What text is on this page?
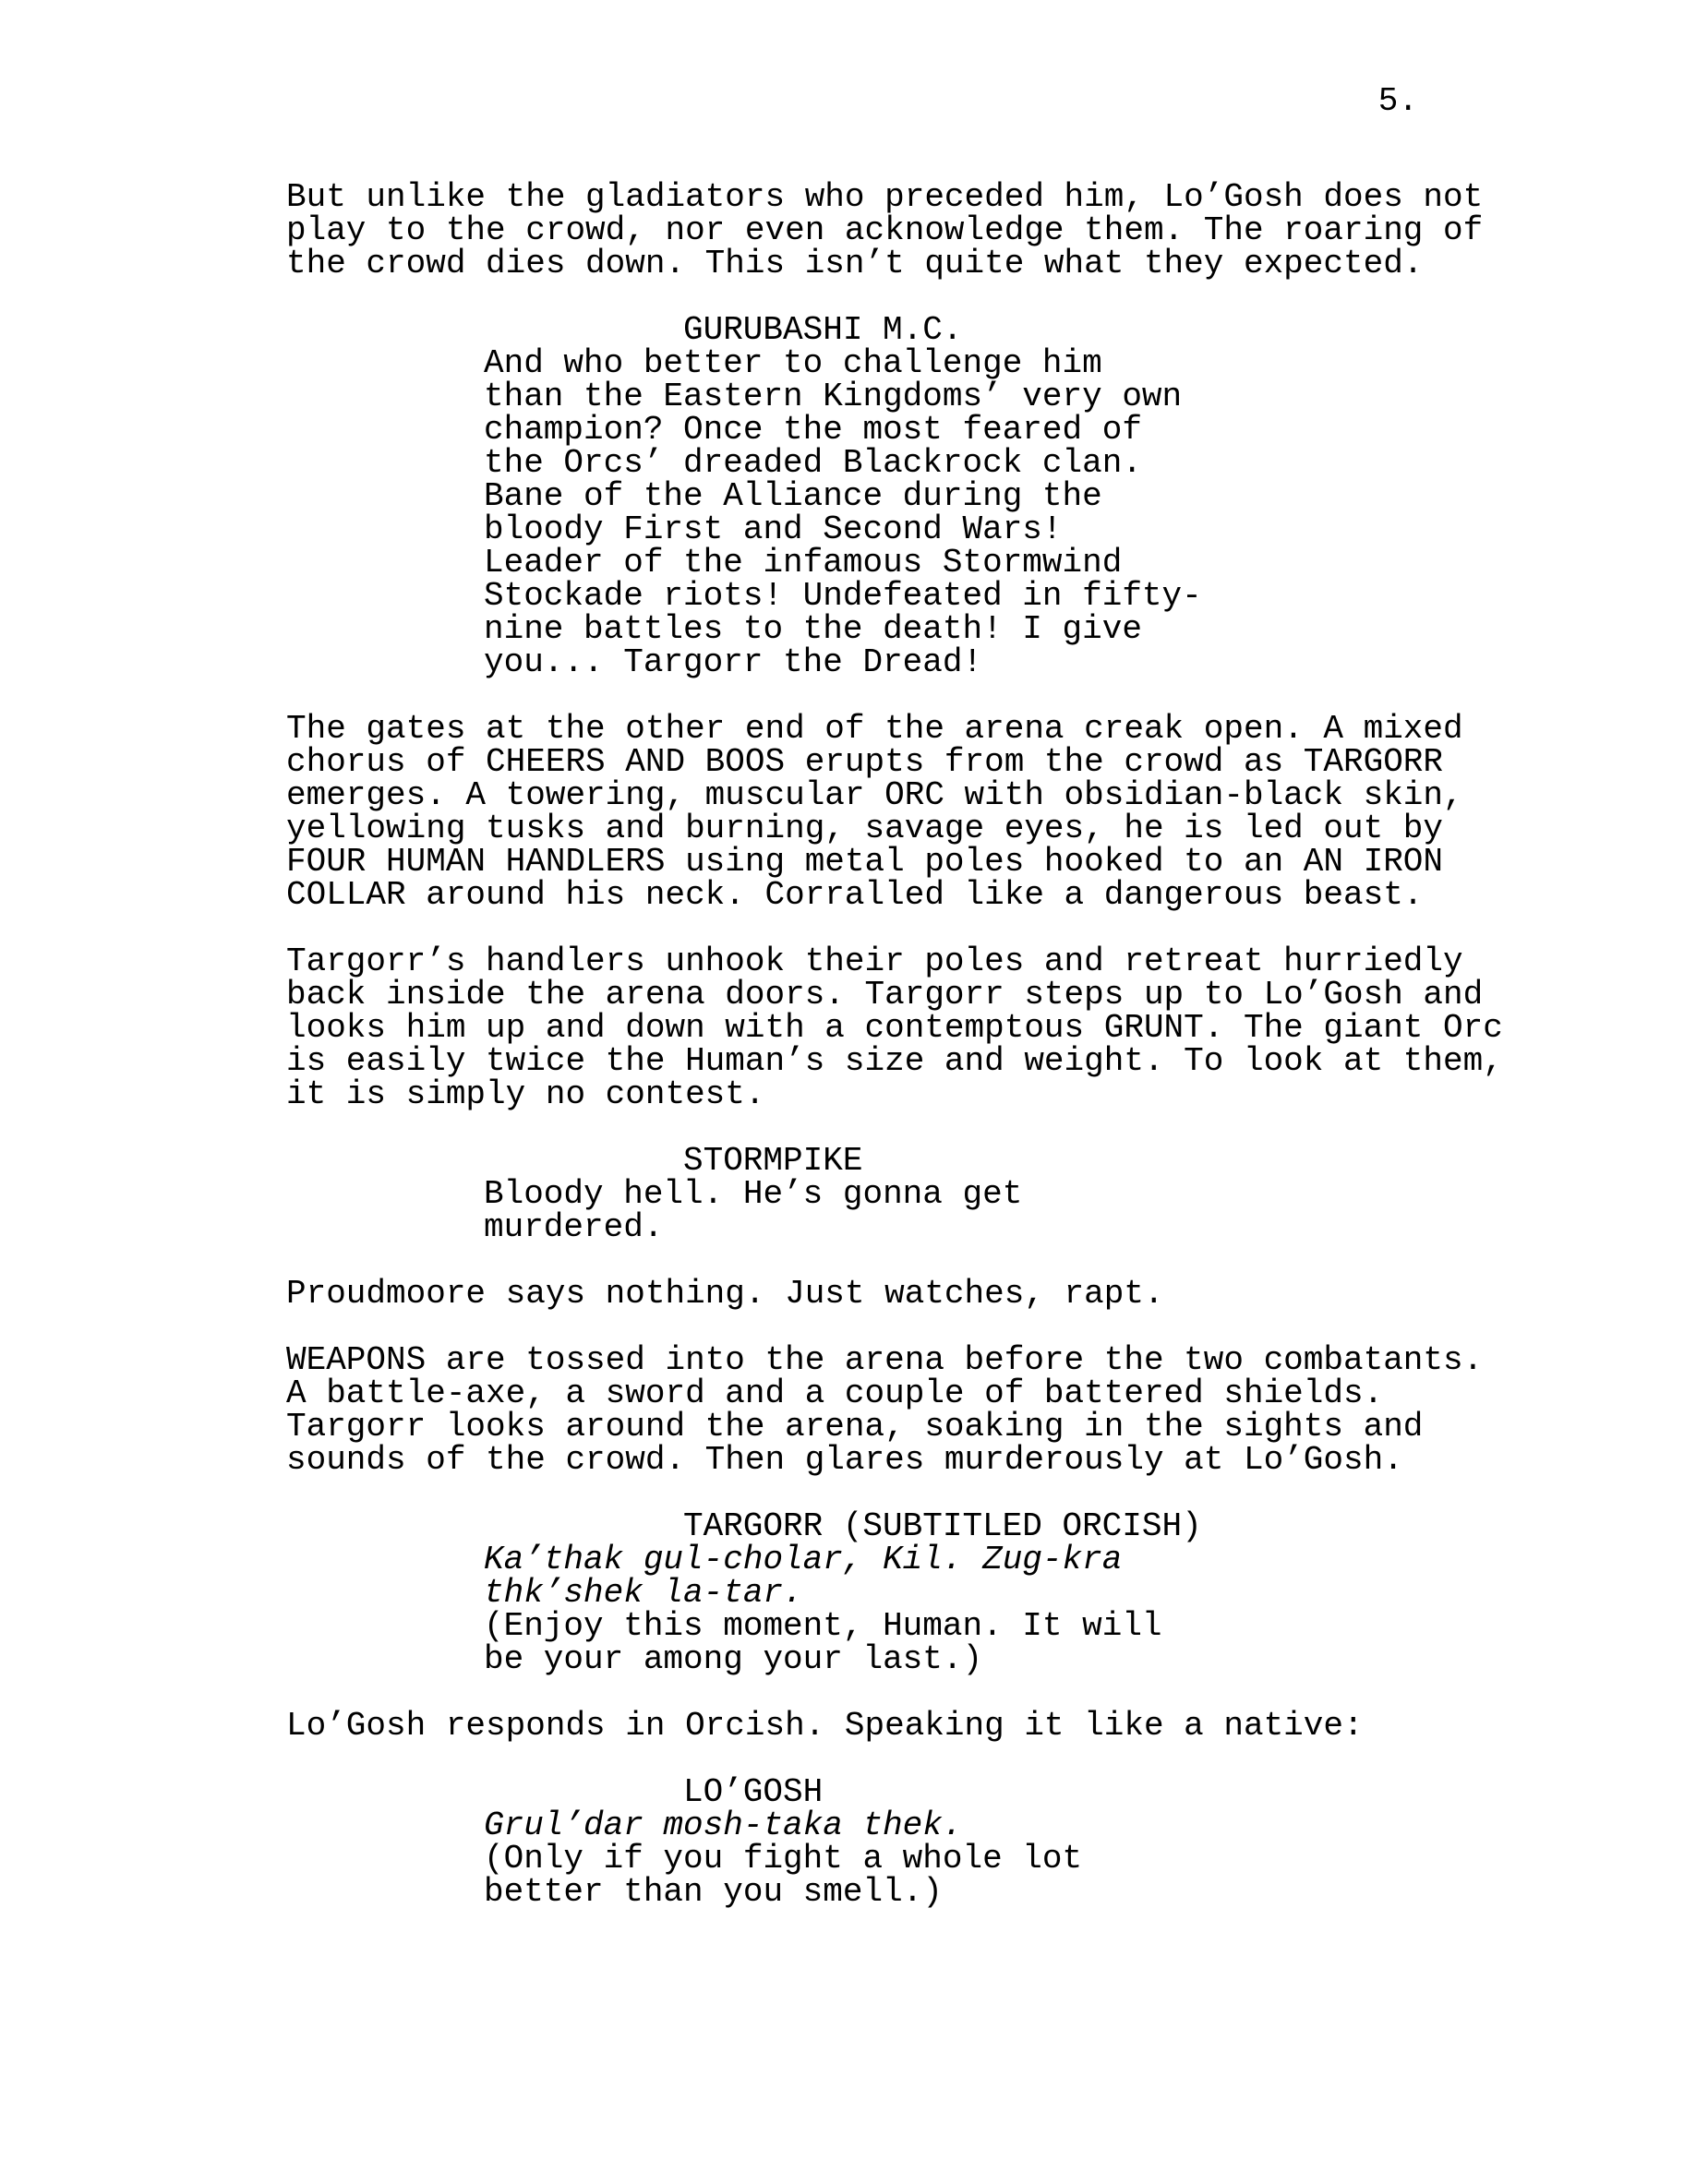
5.
But unlike the gladiators who preceded him, Lo’Gosh does not
play to the crowd, nor even acknowledge them. The roaring of
the crowd dies down. This isn’t quite what they expected.
GURUBASHI M.C.
And who better to challenge him
than the Eastern Kingdoms’ very own
champion? Once the most feared of
the Orcs’ dreaded Blackrock clan.
Bane of the Alliance during the
bloody First and Second Wars!
Leader of the infamous Stormwind
Stockade riots! Undefeated in fifty-
nine battles to the death! I give
you... Targorr the Dread!
The gates at the other end of the arena creak open. A mixed
chorus of CHEERS AND BOOS erupts from the crowd as TARGORR
emerges. A towering, muscular ORC with obsidian-black skin,
yellowing tusks and burning, savage eyes, he is led out by
FOUR HUMAN HANDLERS using metal poles hooked to an AN IRON
COLLAR around his neck. Corralled like a dangerous beast.
Targorr’s handlers unhook their poles and retreat hurriedly
back inside the arena doors. Targorr steps up to Lo’Gosh and
looks him up and down with a contemptous GRUNT. The giant Orc
is easily twice the Human’s size and weight. To look at them,
it is simply no contest.
STORMPIKE
Bloody hell. He’s gonna get
murdered.
Proudmoore says nothing. Just watches, rapt.
WEAPONS are tossed into the arena before the two combatants.
A battle-axe, a sword and a couple of battered shields.
Targorr looks around the arena, soaking in the sights and
sounds of the crowd. Then glares murderously at Lo’Gosh.
TARGORR (SUBTITLED ORCISH)
Ka’thak gul-cholar, Kil. Zug-kra
thk’shek la-tar.
(Enjoy this moment, Human. It will
be your among your last.)
Lo’Gosh responds in Orcish. Speaking it like a native:
LO’GOSH
Grul’dar mosh-taka thek.
(Only if you fight a whole lot
better than you smell.)
